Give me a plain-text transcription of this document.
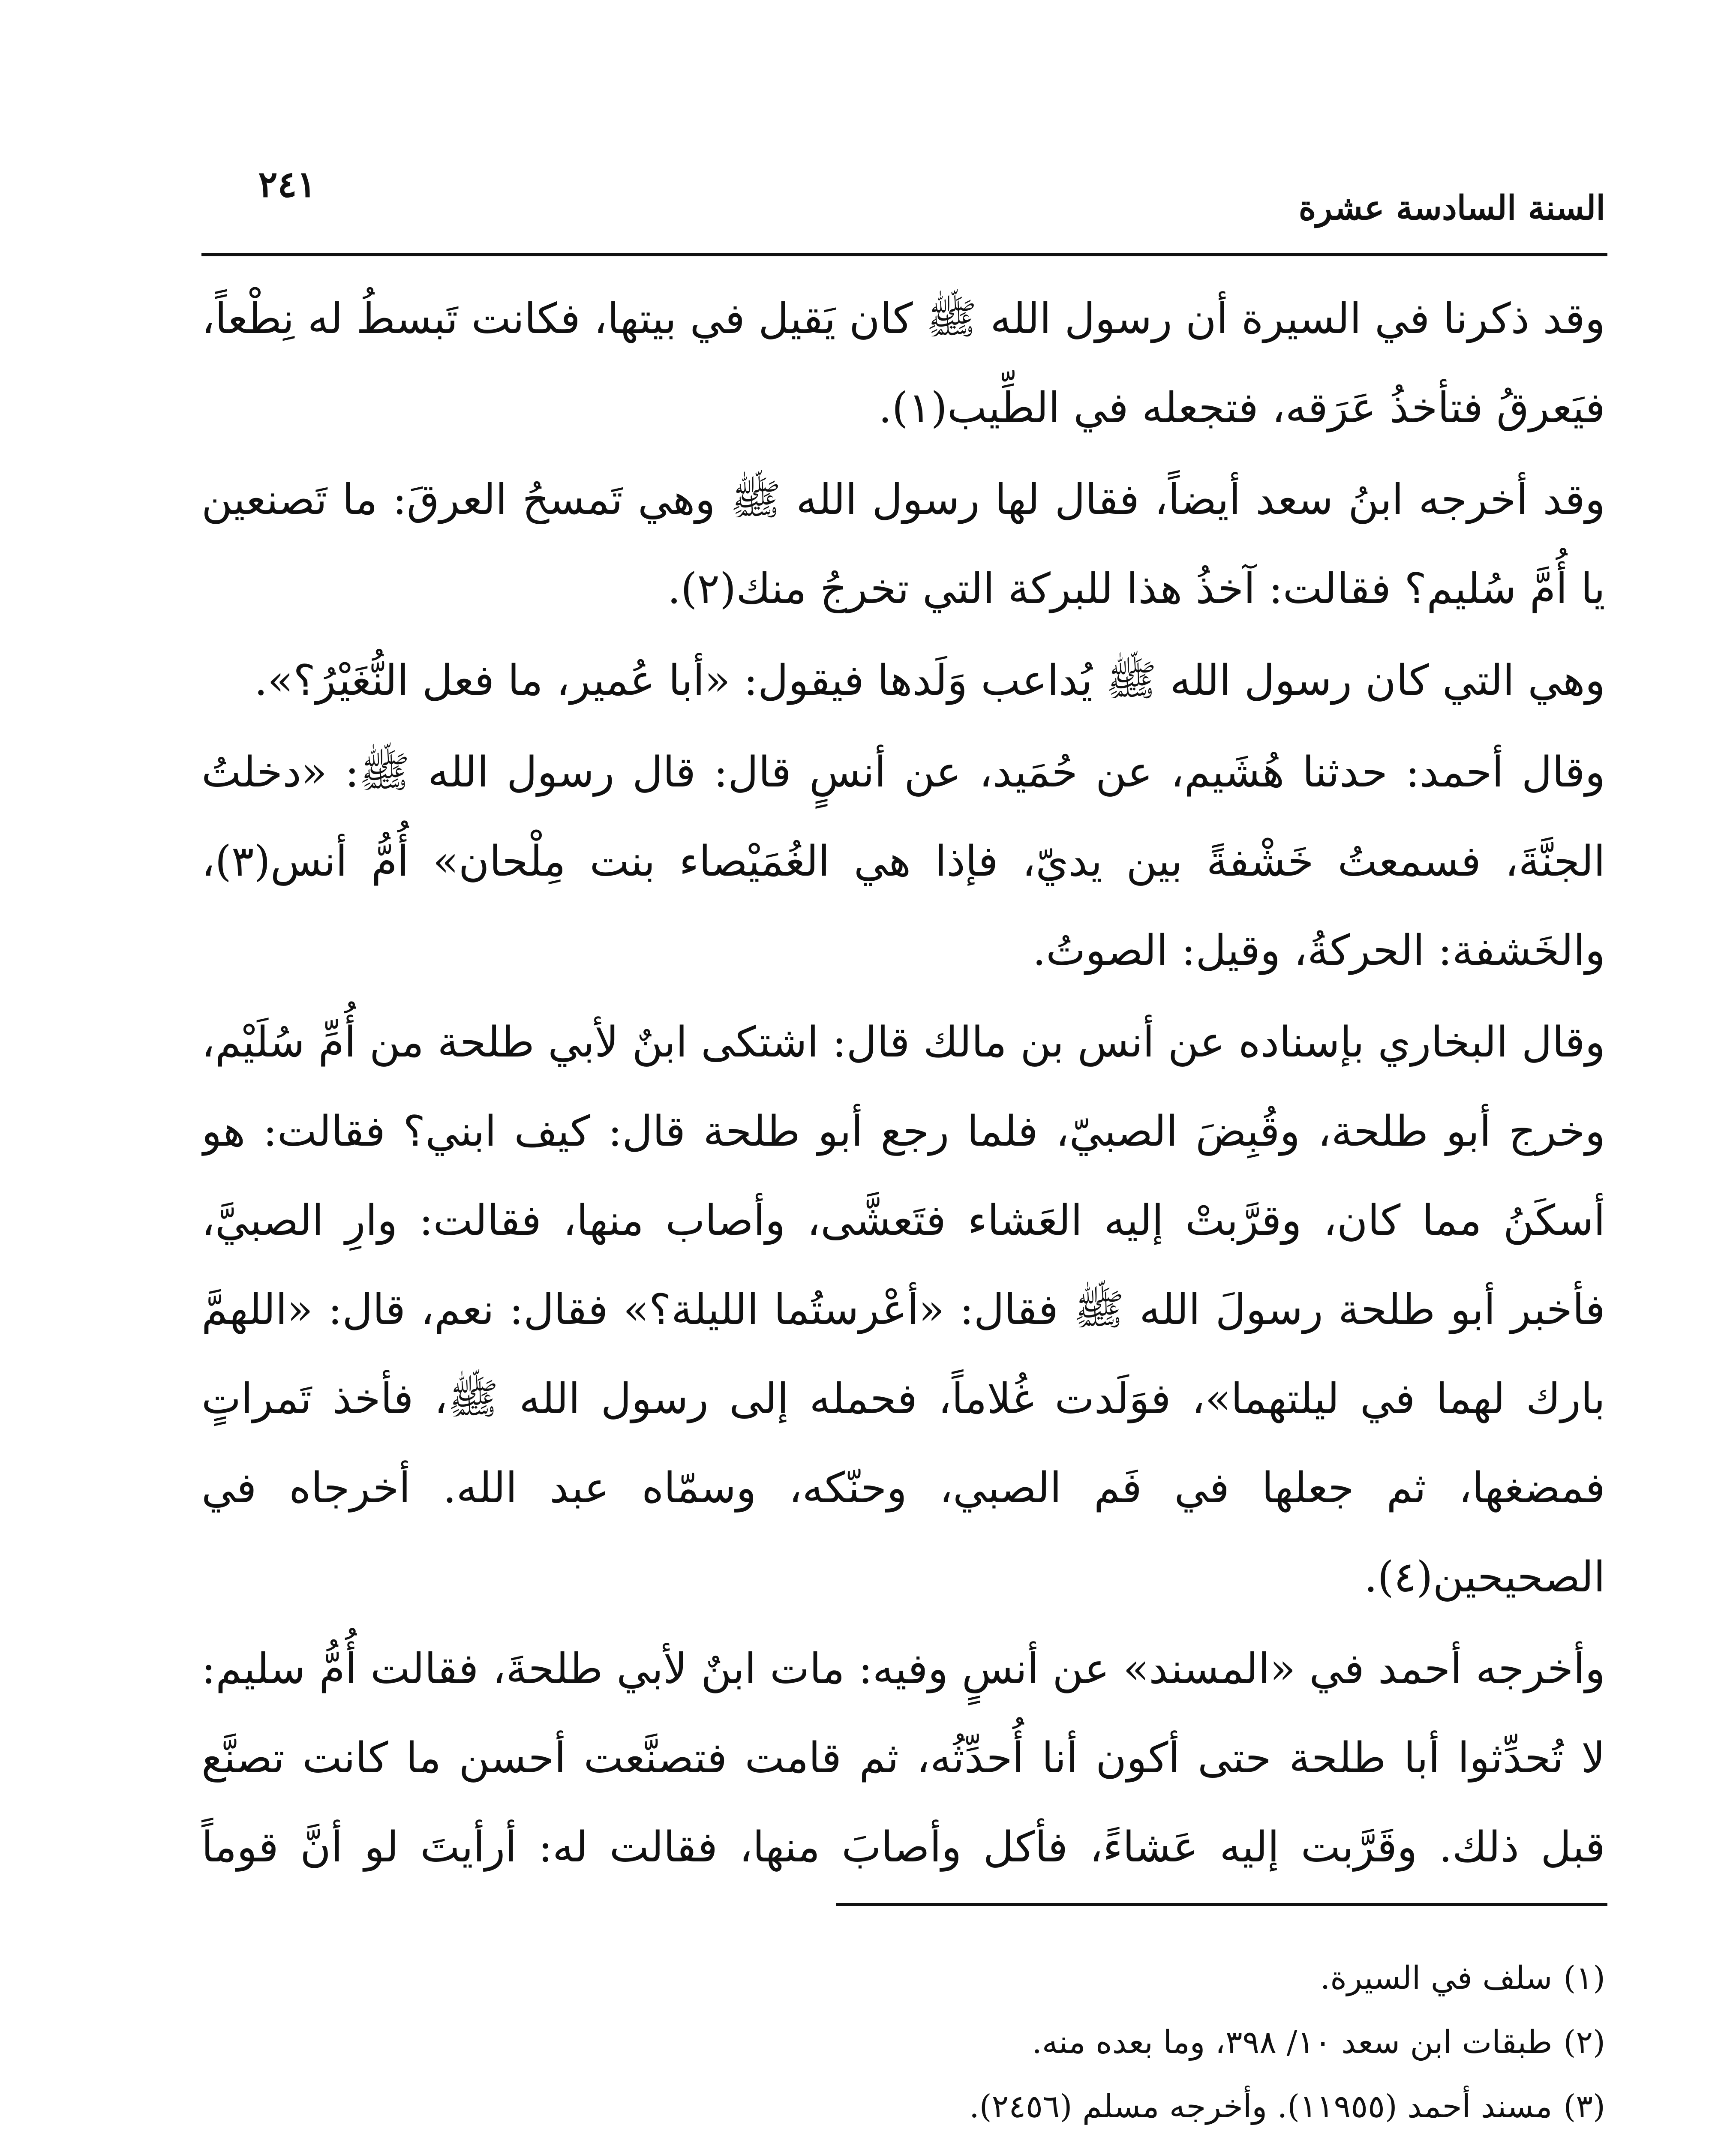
٢٤١
السنة السادسة عشرة

وقد ذكرنا في السيرة أن رسول الله ﷺ كان يَقيل في بيتها، فكانت تَبسطُ له نِطْعاً، فيَعرقُ فتأخذُ عَرَقه، فتجعله في الطِّيب(١).

وقد أخرجه ابنُ سعد أيضاً، فقال لها رسول الله ﷺ وهي تَمسحُ العرقَ: ما تَصنعين يا أُمَّ سُليم؟ فقالت: آخذُ هذا للبركة التي تخرجُ منك(٢).

وهي التي كان رسول الله ﷺ يُداعب وَلَدها فيقول: «أبا عُمير، ما فعل النُّغَيْرُ؟».

وقال أحمد: حدثنا هُشَيم، عن حُمَيد، عن أنسٍ قال: قال رسول الله ﷺ: «دخلتُ الجنَّةَ، فسمعتُ خَشْفةً بين يديّ، فإذا هي الغُمَيْصاء بنت مِلْحان» أُمُّ أنس(٣)، والخَشفة: الحركةُ، وقيل: الصوتُ.

وقال البخاري بإسناده عن أنس بن مالك قال: اشتكى ابنٌ لأبي طلحة من أُمِّ سُلَيْم، وخرج أبو طلحة، وقُبِضَ الصبيّ، فلما رجع أبو طلحة قال: كيف ابني؟ فقالت: هو أسكَنُ مما كان، وقرَّبتْ إليه العَشاء فتَعشَّى، وأصاب منها، فقالت: وارِ الصبيَّ، فأخبر أبو طلحة رسولَ الله ﷺ فقال: «أعْرستُما الليلة؟» فقال: نعم، قال: «اللهمَّ بارك لهما في ليلتهما»، فوَلَدت غُلاماً، فحمله إلى رسول الله ﷺ، فأخذ تَمراتٍ فمضغها، ثم جعلها في فَم الصبي، وحنّكه، وسمّاه عبد الله. أخرجاه في الصحيحين(٤).

وأخرجه أحمد في «المسند» عن أنسٍ وفيه: مات ابنٌ لأبي طلحةَ، فقالت أُمُّ سليم: لا تُحدِّثوا أبا طلحة حتى أكون أنا أُحدِّثُه، ثم قامت فتصنَّعت أحسن ما كانت تصنَّع قبل ذلك. وقَرَّبت إليه عَشاءً، فأكل وأصابَ منها، فقالت له: أرأيتَ لو أنَّ قوماً

(١)سلف في السيرة.
(٢)طبقات ابن سعد ١٠/ ٣٩٨، وما بعده منه.
(٣)مسند أحمد (١١٩٥٥). وأخرجه مسلم (٢٤٥٦).
